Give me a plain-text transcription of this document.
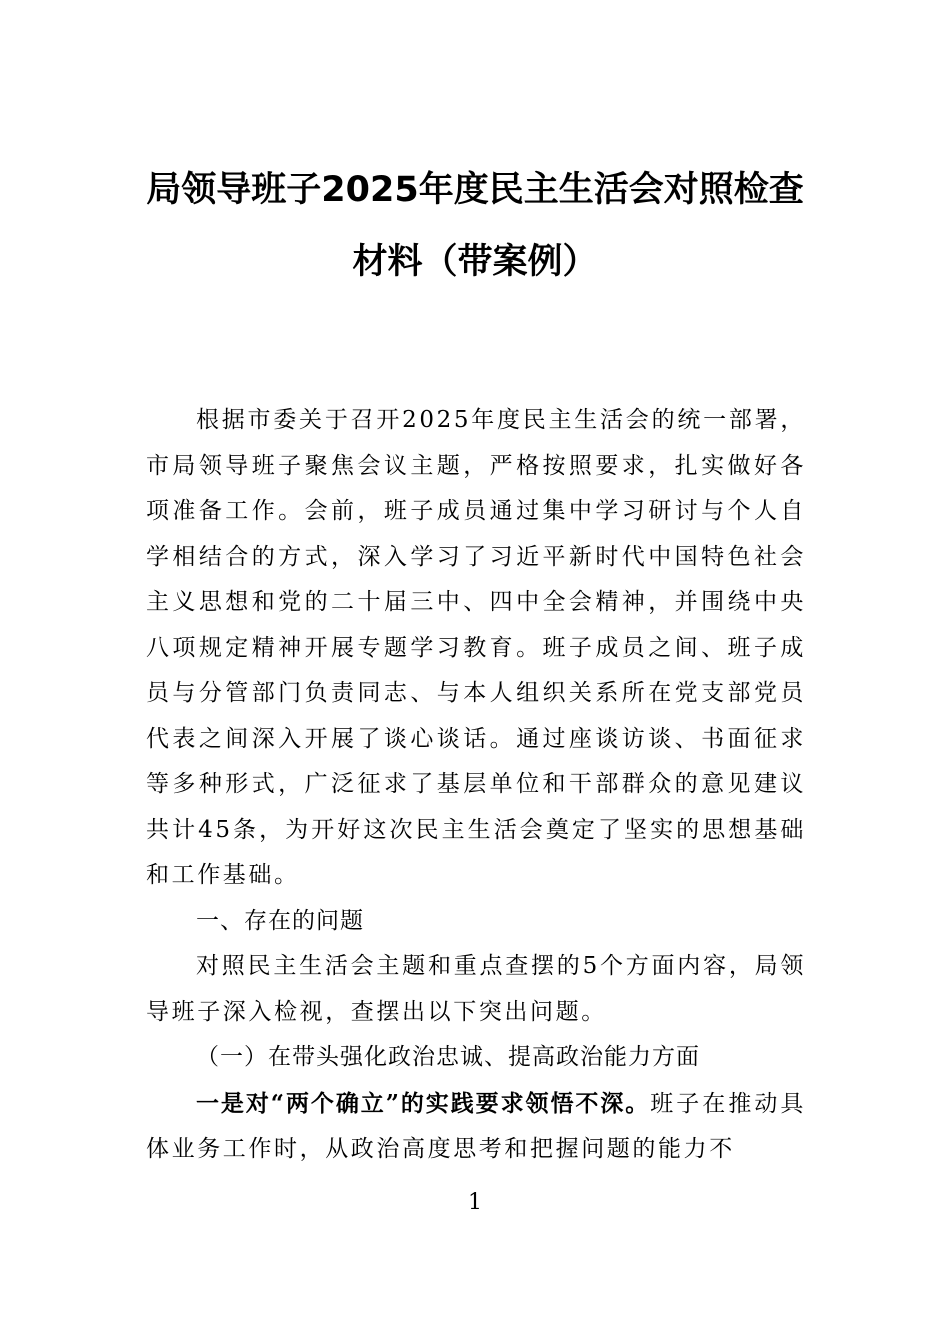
局领导班子2025年度民主生活会对照检查
材料（带案例）

根据市委关于召开2025年度民主生活会的统一部署，市局领导班子聚焦会议主题，严格按照要求，扎实做好各项准备工作。会前，班子成员通过集中学习研讨与个人自学相结合的方式，深入学习了习近平新时代中国特色社会主义思想和党的二十届三中、四中全会精神，并围绕中央八项规定精神开展专题学习教育。班子成员之间、班子成员与分管部门负责同志、与本人组织关系所在党支部党员代表之间深入开展了谈心谈话。通过座谈访谈、书面征求等多种形式，广泛征求了基层单位和干部群众的意见建议共计45条，为开好这次民主生活会奠定了坚实的思想基础和工作基础。

一、存在的问题

对照民主生活会主题和重点查摆的5个方面内容，局领导班子深入检视，查摆出以下突出问题。

（一）在带头强化政治忠诚、提高政治能力方面

一是对“两个确立”的实践要求领悟不深。班子在推动具体业务工作时，从政治高度思考和把握问题的能力不

1
